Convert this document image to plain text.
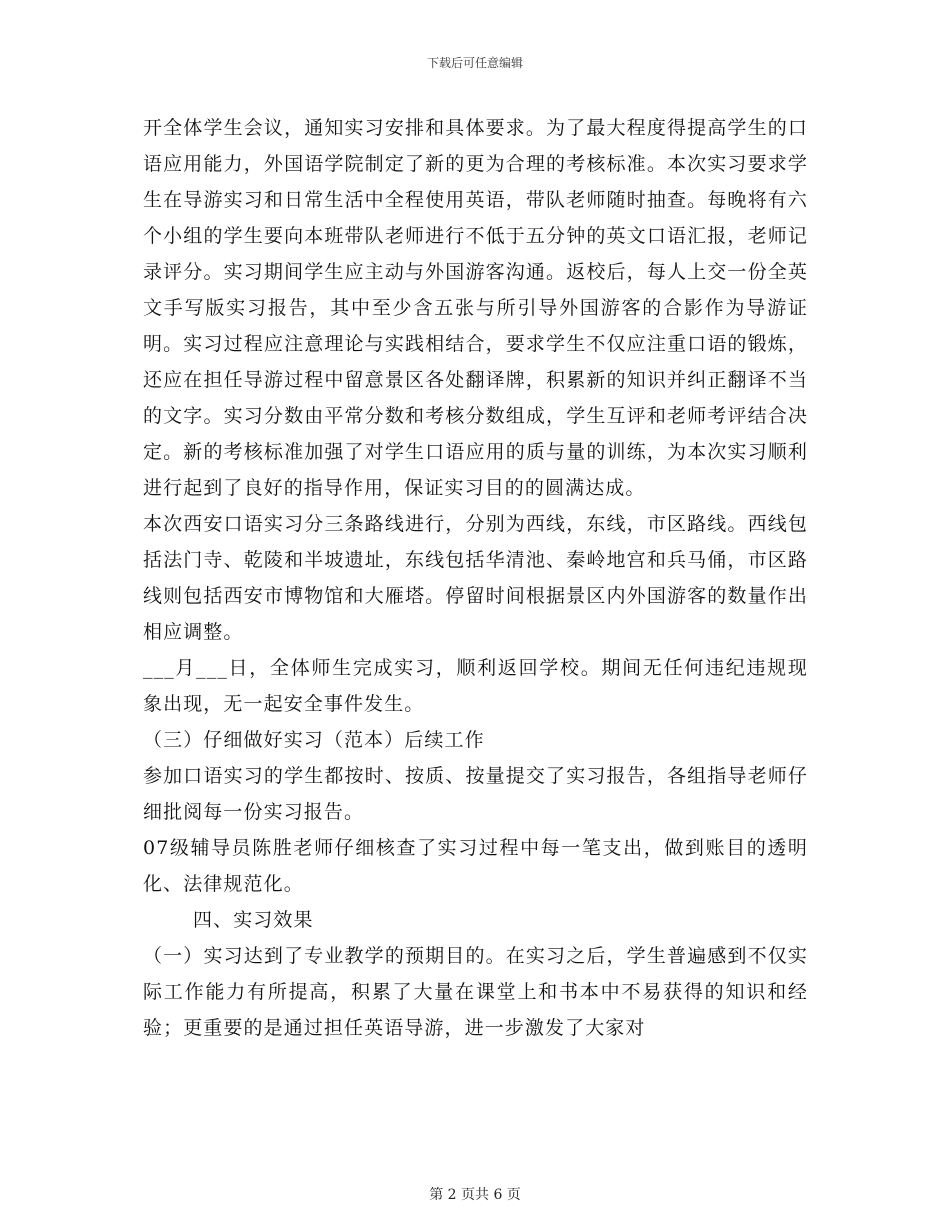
下载后可任意编辑

开全体学生会议，通知实习安排和具体要求。为了最大程度得提高学生的口语应用能力，外国语学院制定了新的更为合理的考核标准。本次实习要求学生在导游实习和日常生活中全程使用英语，带队老师随时抽查。每晚将有六个小组的学生要向本班带队老师进行不低于五分钟的英文口语汇报，老师记录评分。实习期间学生应主动与外国游客沟通。返校后，每人上交一份全英文手写版实习报告，其中至少含五张与所引导外国游客的合影作为导游证明。实习过程应注意理论与实践相结合，要求学生不仅应注重口语的锻炼，还应在担任导游过程中留意景区各处翻译牌，积累新的知识并纠正翻译不当的文字。实习分数由平常分数和考核分数组成，学生互评和老师考评结合决定。新的考核标准加强了对学生口语应用的质与量的训练，为本次实习顺利进行起到了良好的指导作用，保证实习目的的圆满达成。

本次西安口语实习分三条路线进行，分别为西线，东线，市区路线。西线包括法门寺、乾陵和半坡遗址，东线包括华清池、秦岭地宫和兵马俑，市区路线则包括西安市博物馆和大雁塔。停留时间根据景区内外国游客的数量作出相应调整。

___月___日，全体师生完成实习，顺利返回学校。期间无任何违纪违规现象出现，无一起安全事件发生。

（三）仔细做好实习（范本）后续工作

参加口语实习的学生都按时、按质、按量提交了实习报告，各组指导老师仔细批阅每一份实习报告。

07级辅导员陈胜老师仔细核查了实习过程中每一笔支出，做到账目的透明化、法律规范化。

四、实习效果

（一）实习达到了专业教学的预期目的。在实习之后，学生普遍感到不仅实际工作能力有所提高，积累了大量在课堂上和书本中不易获得的知识和经验；更重要的是通过担任英语导游，进一步激发了大家对

第 2 页共 6 页
